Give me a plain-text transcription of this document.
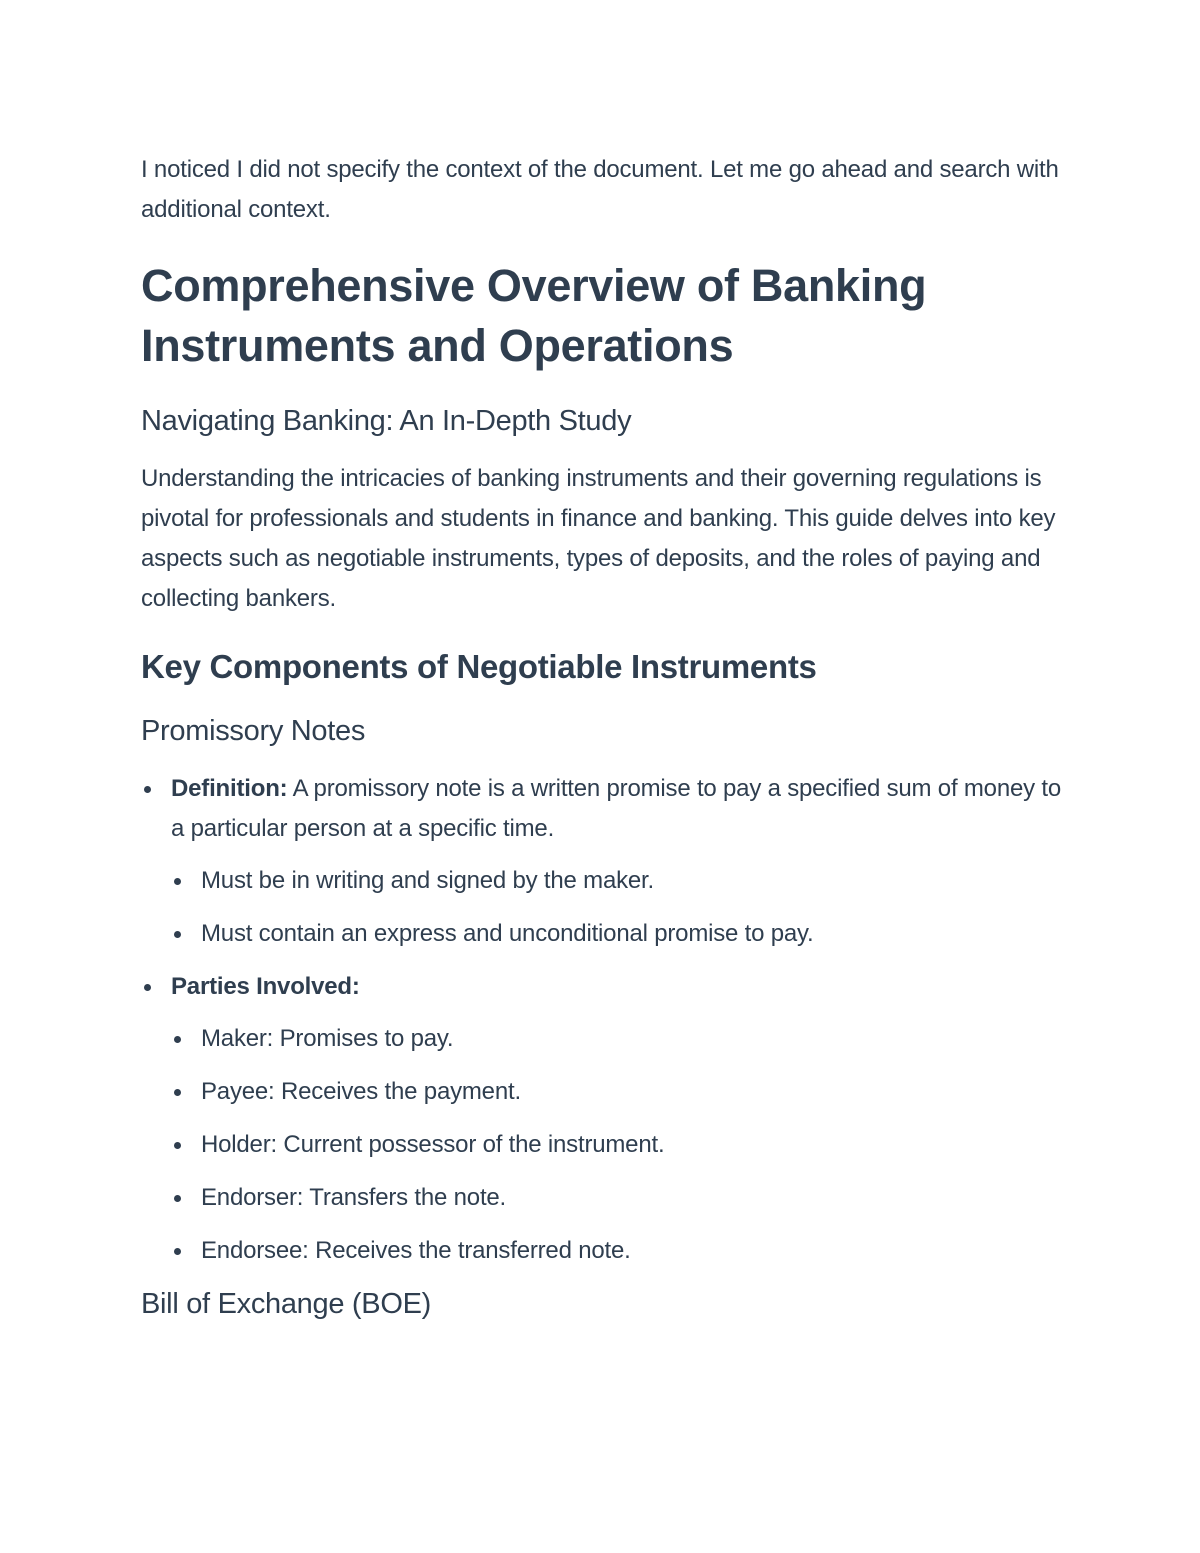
I noticed I did not specify the context of the document. Let me go ahead and search with additional context.

Comprehensive Overview of Banking Instruments and Operations
Navigating Banking: An In-Depth Study

Understanding the intricacies of banking instruments and their governing regulations is pivotal for professionals and students in finance and banking. This guide delves into key aspects such as negotiable instruments, types of deposits, and the roles of paying and collecting bankers.

Key Components of Negotiable Instruments
Promissory Notes
Definition: A promissory note is a written promise to pay a specified sum of money to a particular person at a specific time.
Must be in writing and signed by the maker.
Must contain an express and unconditional promise to pay.
Parties Involved:
Maker: Promises to pay.
Payee: Receives the payment.
Holder: Current possessor of the instrument.
Endorser: Transfers the note.
Endorsee: Receives the transferred note.
Bill of Exchange (BOE)
